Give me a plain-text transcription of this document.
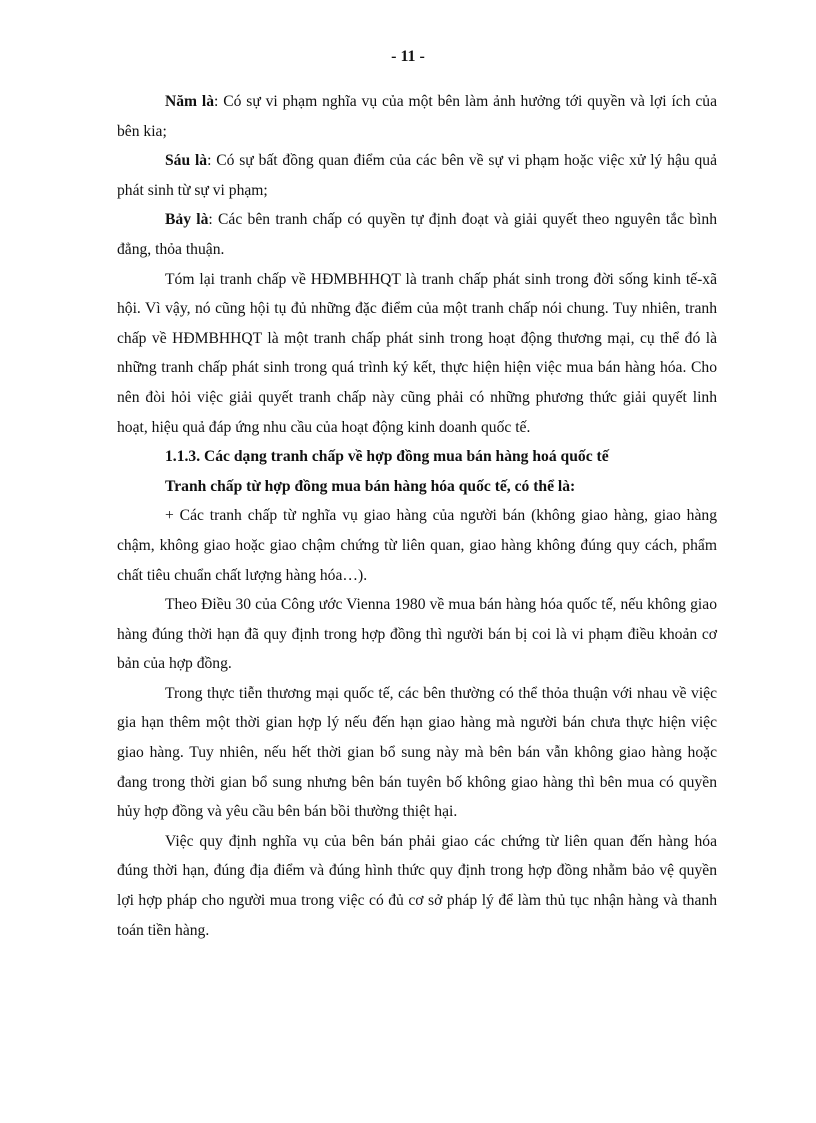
- 11 -

Năm là: Có sự vi phạm nghĩa vụ của một bên làm ảnh hưởng tới quyền và lợi ích của bên kia;

Sáu là: Có sự bất đồng quan điểm của các bên về sự vi phạm hoặc việc xử lý hậu quả phát sinh từ sự vi phạm;

Bảy là: Các bên tranh chấp có quyền tự định đoạt và giải quyết theo nguyên tắc bình đẳng, thỏa thuận.

Tóm lại tranh chấp về HĐMBHHQT là tranh chấp phát sinh trong đời sống kinh tế-xã hội. Vì vậy, nó cũng hội tụ đủ những đặc điểm của một tranh chấp nói chung. Tuy nhiên, tranh chấp về HĐMBHHQT là một tranh chấp phát sinh trong hoạt động thương mại, cụ thể đó là những tranh chấp phát sinh trong quá trình ký kết, thực hiện hiện việc mua bán hàng hóa. Cho nên đòi hỏi việc giải quyết tranh chấp này cũng phải có những phương thức giải quyết linh hoạt, hiệu quả đáp ứng nhu cầu của hoạt động kinh doanh quốc tế.

1.1.3. Các dạng tranh chấp về hợp đồng mua bán hàng hoá quốc tế

Tranh chấp từ hợp đồng mua bán hàng hóa quốc tế, có thể là:

+ Các tranh chấp từ nghĩa vụ giao hàng của người bán (không giao hàng, giao hàng chậm, không giao hoặc giao chậm chứng từ liên quan, giao hàng không đúng quy cách, phẩm chất tiêu chuẩn chất lượng hàng hóa…).

Theo Điều 30 của Công ước Vienna 1980 về mua bán hàng hóa quốc tế, nếu không giao hàng đúng thời hạn đã quy định trong hợp đồng thì người bán bị coi là vi phạm điều khoản cơ bản của hợp đồng.

Trong thực tiễn thương mại quốc tế, các bên thường có thể thỏa thuận với nhau về việc gia hạn thêm một thời gian hợp lý nếu đến hạn giao hàng mà người bán chưa thực hiện việc giao hàng. Tuy nhiên, nếu hết thời gian bổ sung này mà bên bán vẫn không giao hàng hoặc đang trong thời gian bổ sung nhưng bên bán tuyên bố không giao hàng thì bên mua có quyền hủy hợp đồng và yêu cầu bên bán bồi thường thiệt hại.

Việc quy định nghĩa vụ của bên bán phải giao các chứng từ liên quan đến hàng hóa đúng thời hạn, đúng địa điểm và đúng hình thức quy định trong hợp đồng nhằm bảo vệ quyền lợi hợp pháp cho người mua trong việc có đủ cơ sở pháp lý để làm thủ tục nhận hàng và thanh toán tiền hàng.
